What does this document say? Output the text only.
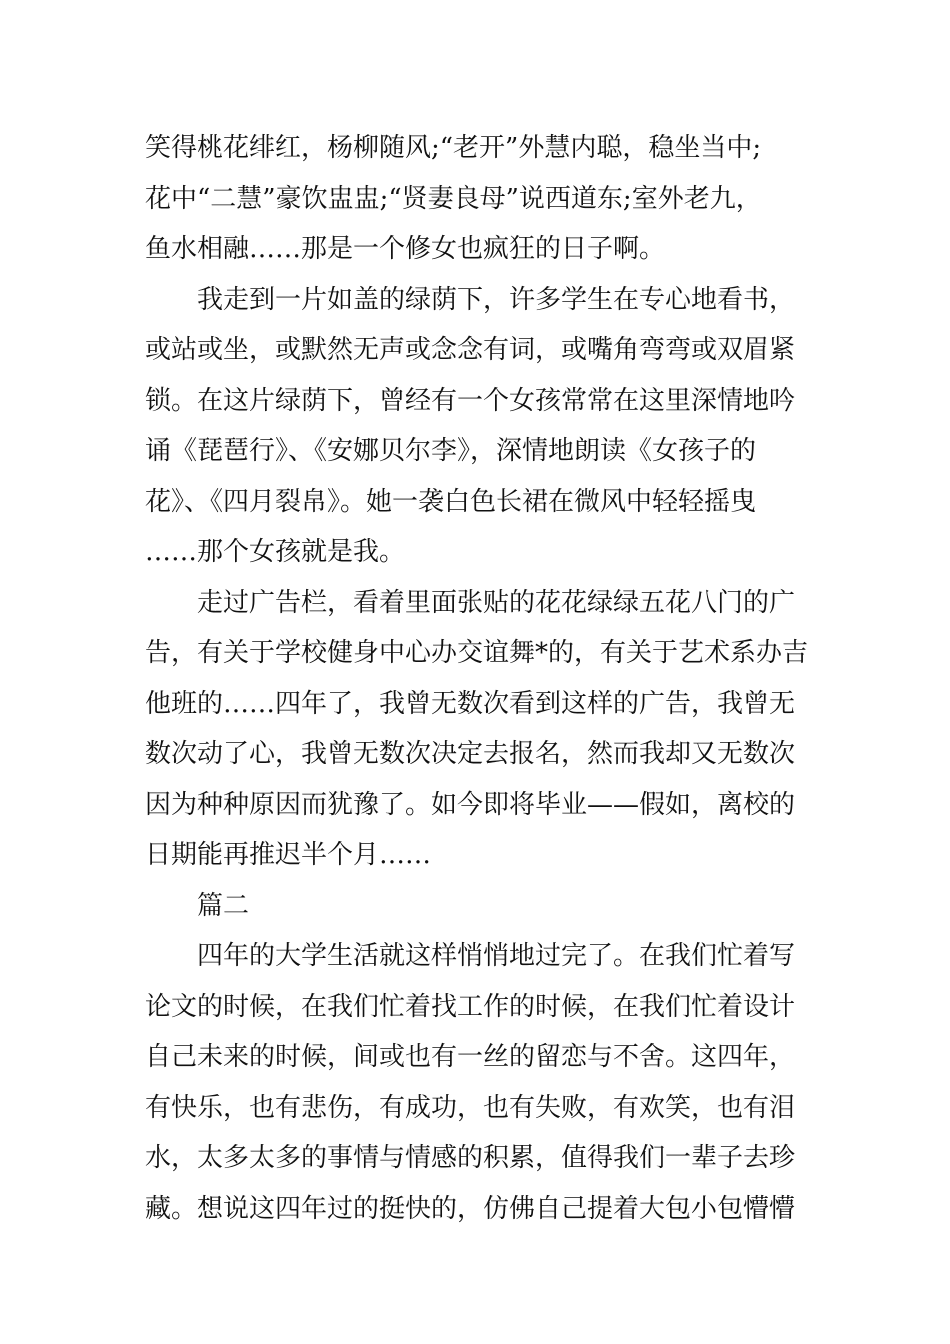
笑得桃花绯红，杨柳随风;“老开”外慧内聪，稳坐当中;
花中“二慧”豪饮盅盅;“贤妻良母”说西道东;室外老九，
鱼水相融……那是一个修女也疯狂的日子啊。
我走到一片如盖的绿荫下，许多学生在专心地看书，
或站或坐，或默然无声或念念有词，或嘴角弯弯或双眉紧
锁。在这片绿荫下，曾经有一个女孩常常在这里深情地吟
诵《琵琶行》、《安娜贝尔李》，深情地朗读《女孩子的
花》、《四月裂帛》。她一袭白色长裙在微风中轻轻摇曳
……那个女孩就是我。
走过广告栏，看着里面张贴的花花绿绿五花八门的广
告，有关于学校健身中心办交谊舞*的，有关于艺术系办吉
他班的……四年了，我曾无数次看到这样的广告，我曾无
数次动了心，我曾无数次决定去报名，然而我却又无数次
因为种种原因而犹豫了。如今即将毕业——假如，离校的
日期能再推迟半个月……
篇二
四年的大学生活就这样悄悄地过完了。在我们忙着写
论文的时候，在我们忙着找工作的时候，在我们忙着设计
自己未来的时候，间或也有一丝的留恋与不舍。这四年，
有快乐，也有悲伤，有成功，也有失败，有欢笑，也有泪
水，太多太多的事情与情感的积累，值得我们一辈子去珍
藏。想说这四年过的挺快的，仿佛自己提着大包小包懵懵
